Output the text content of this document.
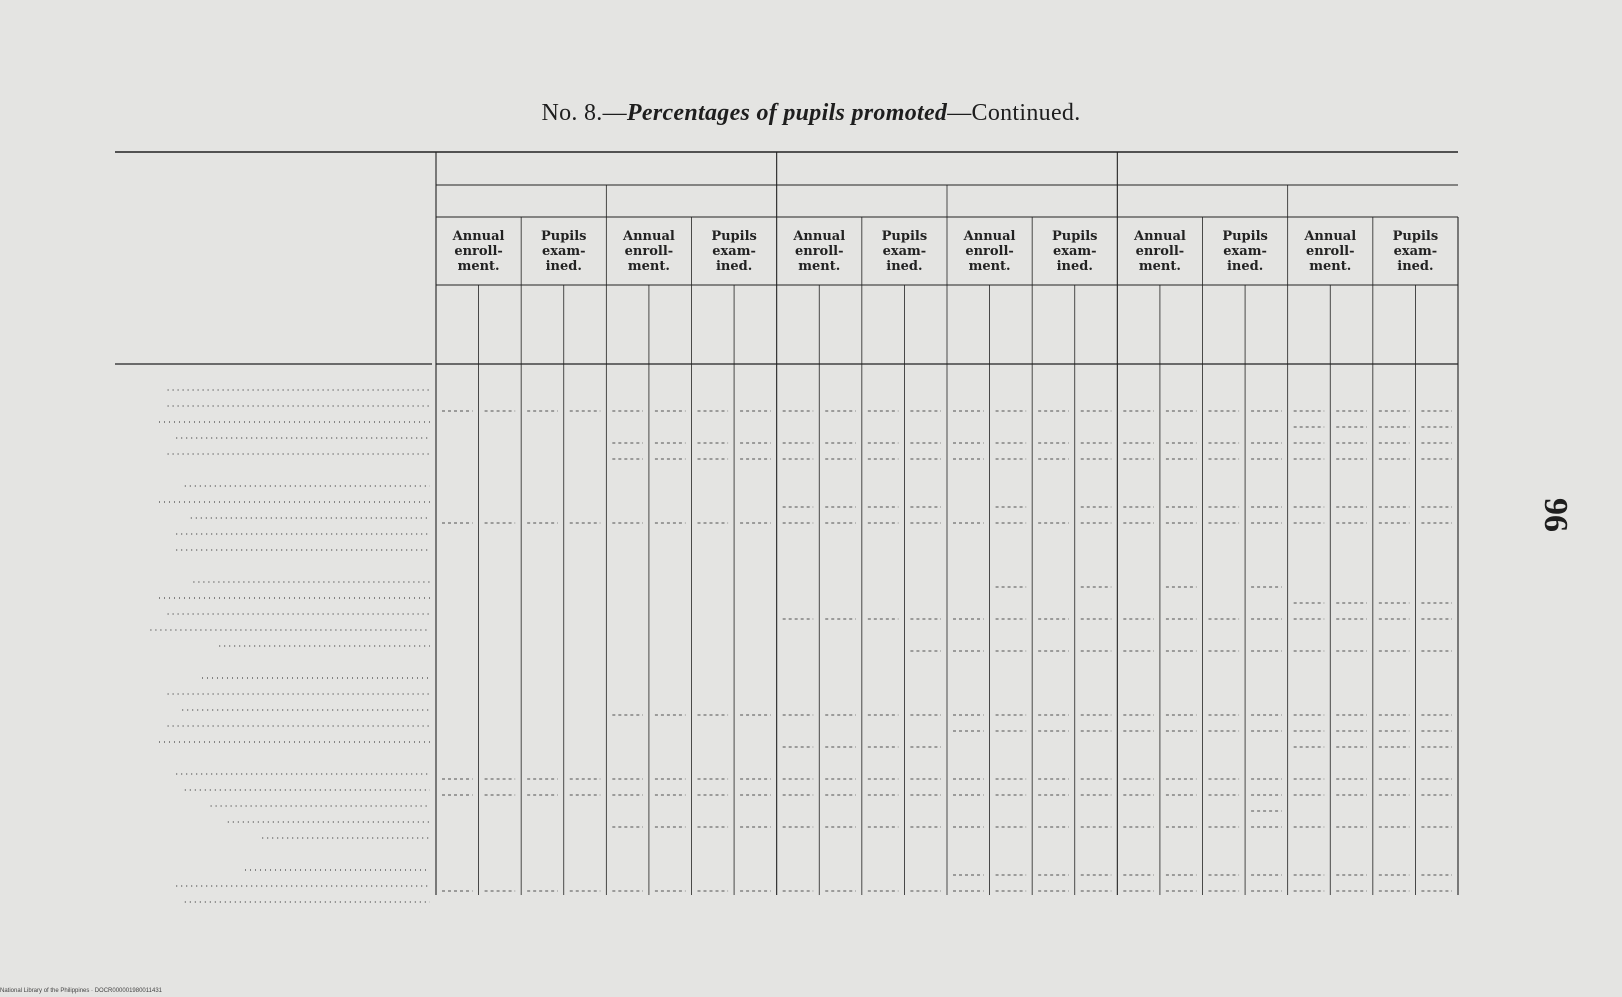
No. 8.—Percentages of pupils promoted—Continued.
Annual
enroll-
ment.
Pupils
exam-
ined.
Annual
enroll-
ment.
Pupils
exam-
ined.
Annual
enroll-
ment.
Pupils
exam-
ined.
Annual
enroll-
ment.
Pupils
exam-
ined.
Annual
enroll-
ment.
Pupils
exam-
ined.
Annual
enroll-
ment.
Pupils
exam-
ined.
96
National Library of the Philippines · DOCR000001980011431
